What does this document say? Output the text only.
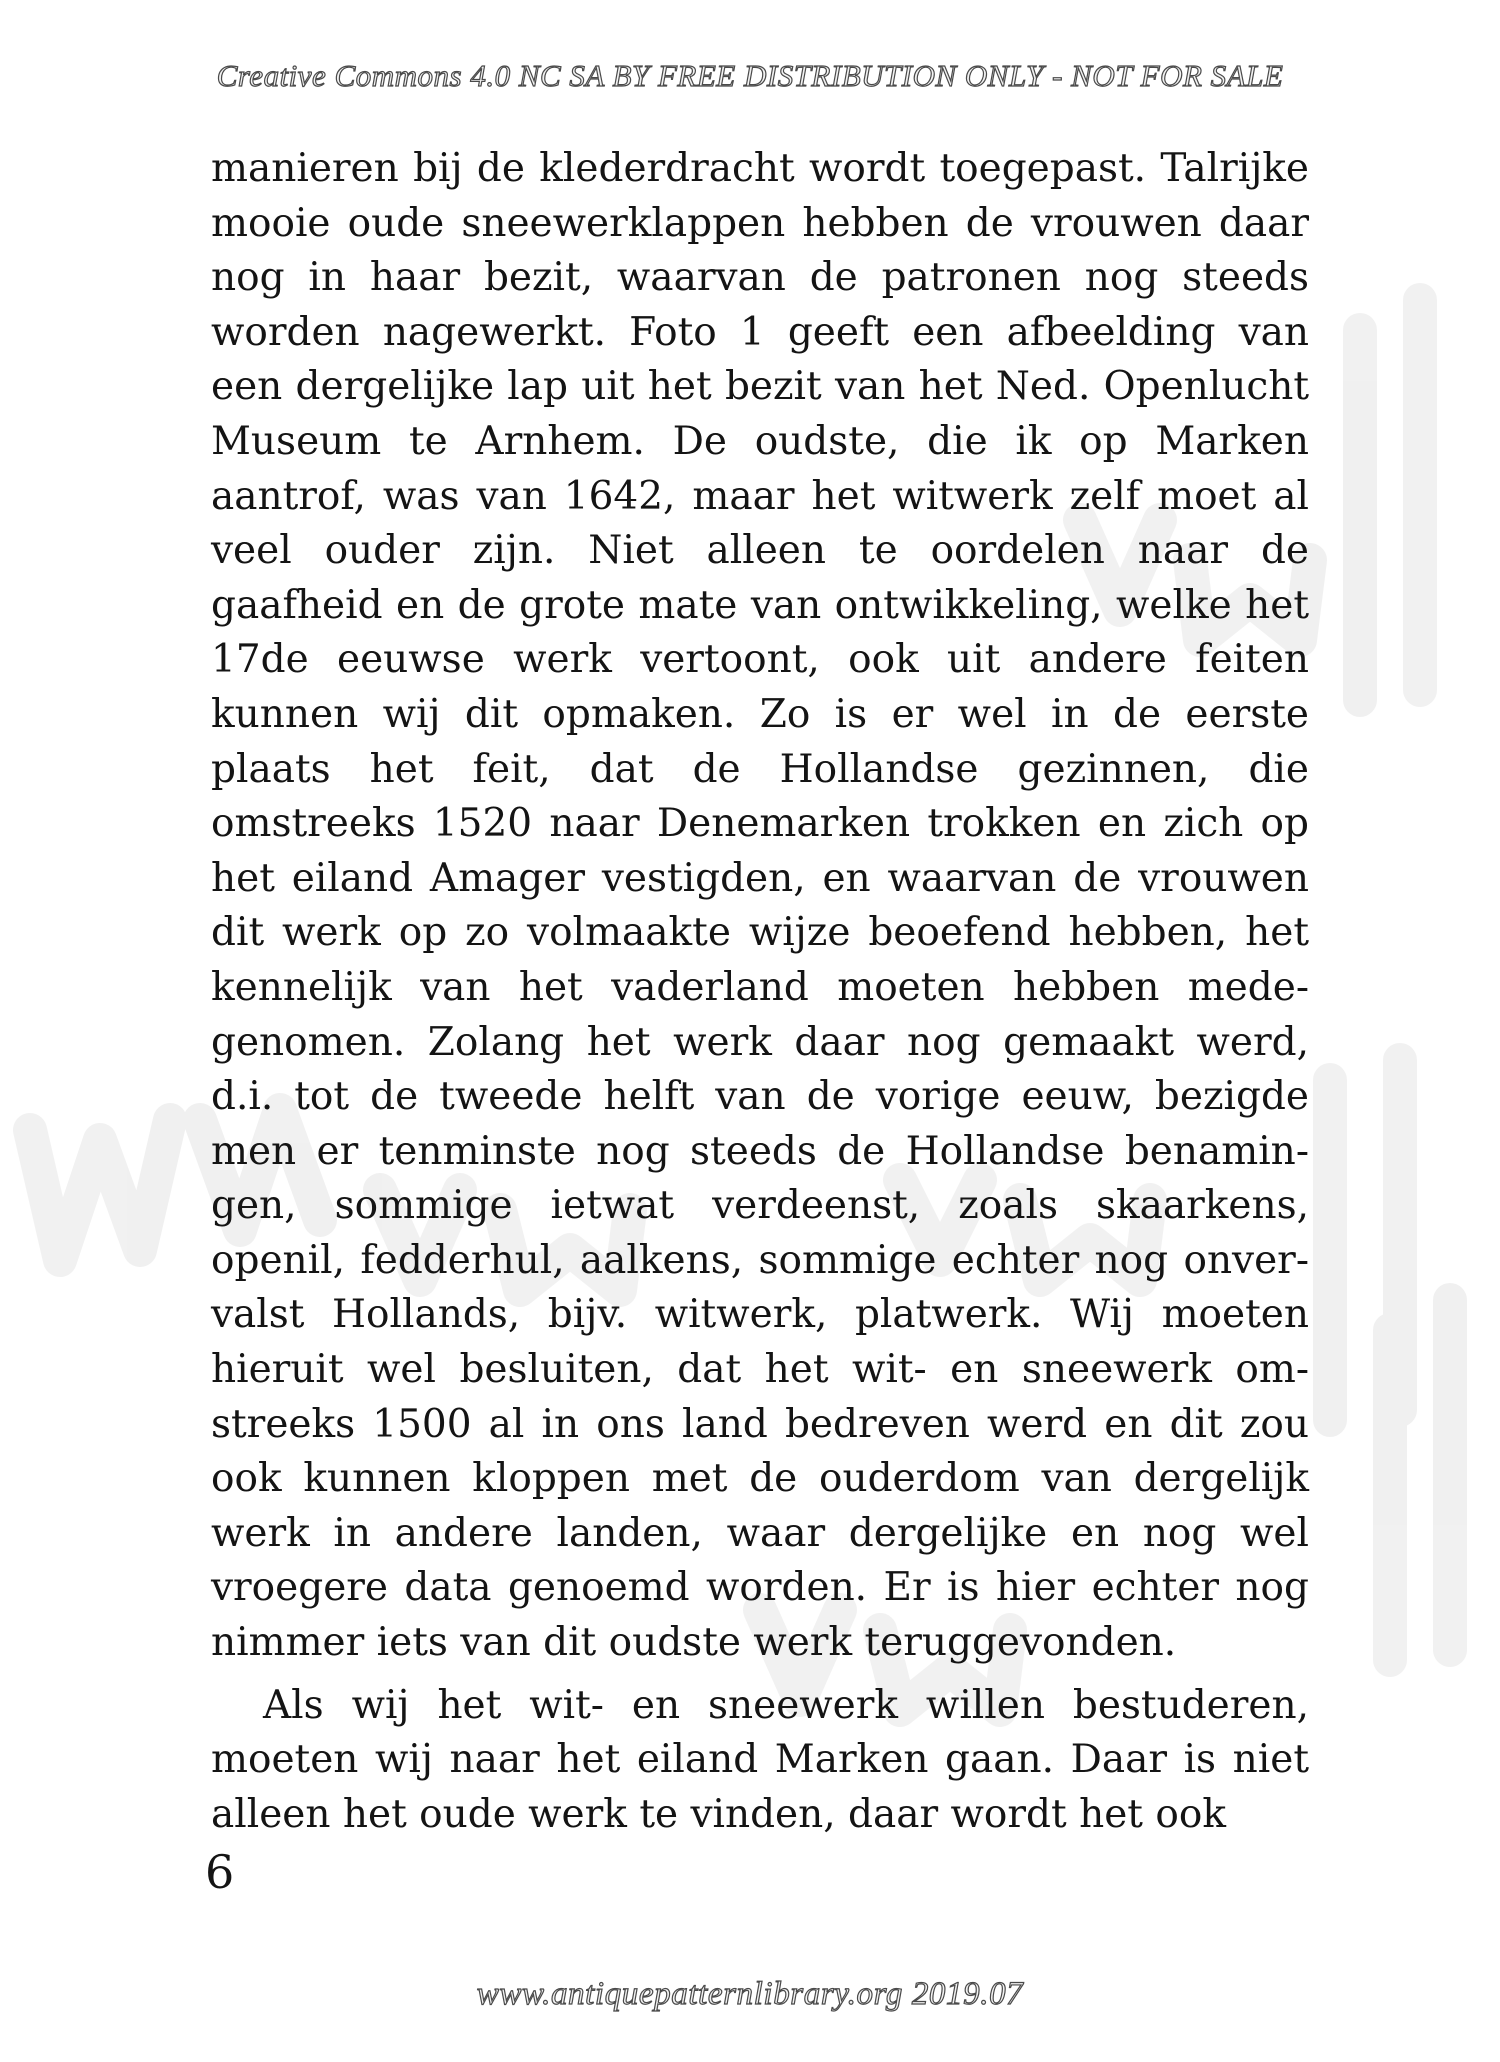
Creative Commons 4.0 NC SA BY FREE DISTRIBUTION ONLY - NOT FOR SALE

manieren bij de klederdracht wordt toegepast. Talrijke mooie oude sneewerklappen hebben de vrouwen daar nog in haar bezit, waarvan de patronen nog steeds worden nagewerkt. Foto 1 geeft een afbeelding van een dergelijke lap uit het bezit van het Ned. Openlucht Museum te Arnhem. De oudste, die ik op Marken aantrof, was van 1642, maar het witwerk zelf moet al veel ouder zijn. Niet alleen te oordelen naar de gaafheid en de grote mate van ontwikkeling, welke het 17de eeuwse werk vertoont, ook uit andere feiten kunnen wij dit opmaken. Zo is er wel in de eerste plaats het feit, dat de Hollandse gezinnen, die omstreeks 1520 naar Denemarken trokken en zich op het eiland Amager vestigden, en waarvan de vrouwen dit werk op zo volmaakte wijze beoefend hebben, het kennelijk van het vaderland moeten hebben medegenomen. Zolang het werk daar nog gemaakt werd, d.i. tot de tweede helft van de vorige eeuw, bezigde men er tenminste nog steeds de Hollandse benamingen, sommige ietwat verdeenst, zoals skaarkens, openil, fedderhul, aalkens, sommige echter nog onvervalst Hollands, bijv. witwerk, platwerk. Wij moeten hieruit wel besluiten, dat het wit- en sneewerk omstreeks 1500 al in ons land bedreven werd en dit zou ook kunnen kloppen met de ouderdom van dergelijk werk in andere landen, waar dergelijke en nog wel vroegere data genoemd worden. Er is hier echter nog nimmer iets van dit oudste werk teruggevonden.

Als wij het wit- en sneewerk willen bestuderen, moeten wij naar het eiland Marken gaan. Daar is niet alleen het oude werk te vinden, daar wordt het ook

6
www.antiquepatternlibrary.org 2019.07
